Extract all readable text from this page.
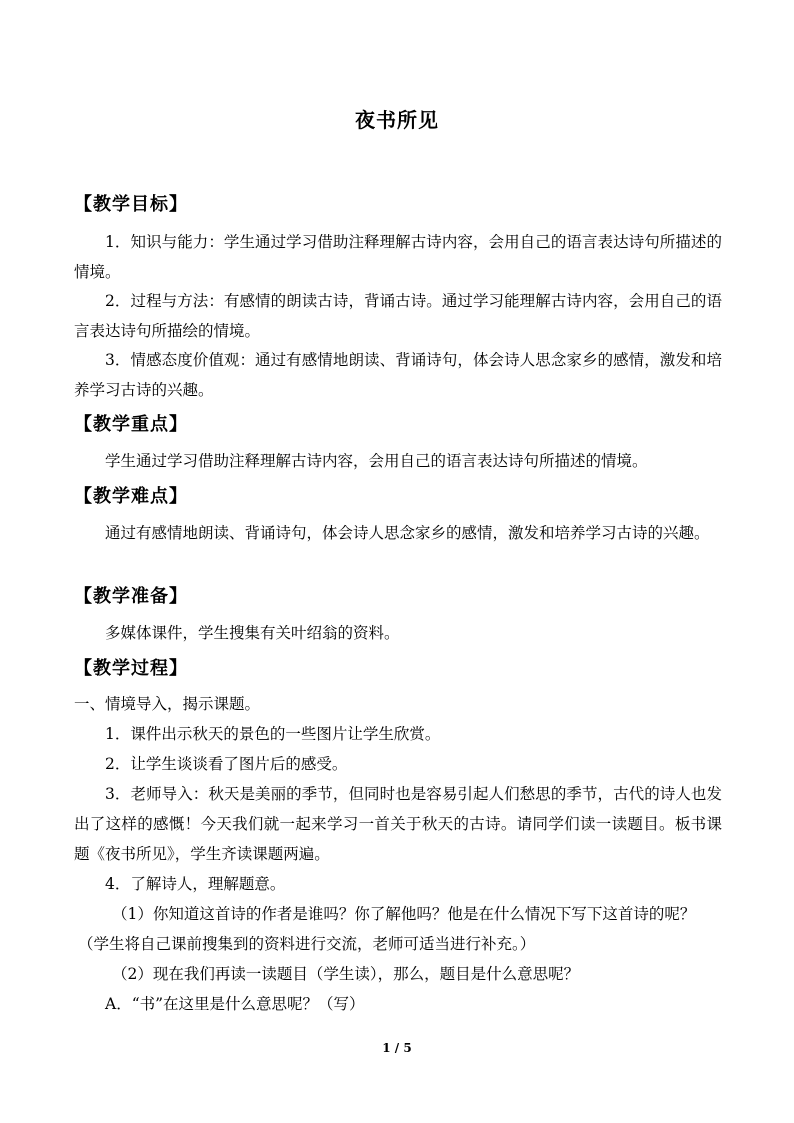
夜书所见
【教学目标】
1．知识与能力：学生通过学习借助注释理解古诗内容，会用自己的语言表达诗句所描述的情境。
2．过程与方法：有感情的朗读古诗，背诵古诗。通过学习能理解古诗内容，会用自己的语言表达诗句所描绘的情境。
3．情感态度价值观：通过有感情地朗读、背诵诗句，体会诗人思念家乡的感情，激发和培养学习古诗的兴趣。
【教学重点】
学生通过学习借助注释理解古诗内容，会用自己的语言表达诗句所描述的情境。
【教学难点】
通过有感情地朗读、背诵诗句，体会诗人思念家乡的感情，激发和培养学习古诗的兴趣。
【教学准备】
多媒体课件，学生搜集有关叶绍翁的资料。
【教学过程】
一、情境导入，揭示课题。
1．课件出示秋天的景色的一些图片让学生欣赏。
2．让学生谈谈看了图片后的感受。
3．老师导入：秋天是美丽的季节，但同时也是容易引起人们愁思的季节，古代的诗人也发出了这样的感慨！今天我们就一起来学习一首关于秋天的古诗。请同学们读一读题目。板书课题《夜书所见》，学生齐读课题两遍。
4．了解诗人，理解题意。
（1）你知道这首诗的作者是谁吗？你了解他吗？他是在什么情况下写下这首诗的呢？
（学生将自己课前搜集到的资料进行交流，老师可适当进行补充。）
（2）现在我们再读一读题目（学生读），那么，题目是什么意思呢？
A．“书”在这里是什么意思呢？（写）
1 / 5
